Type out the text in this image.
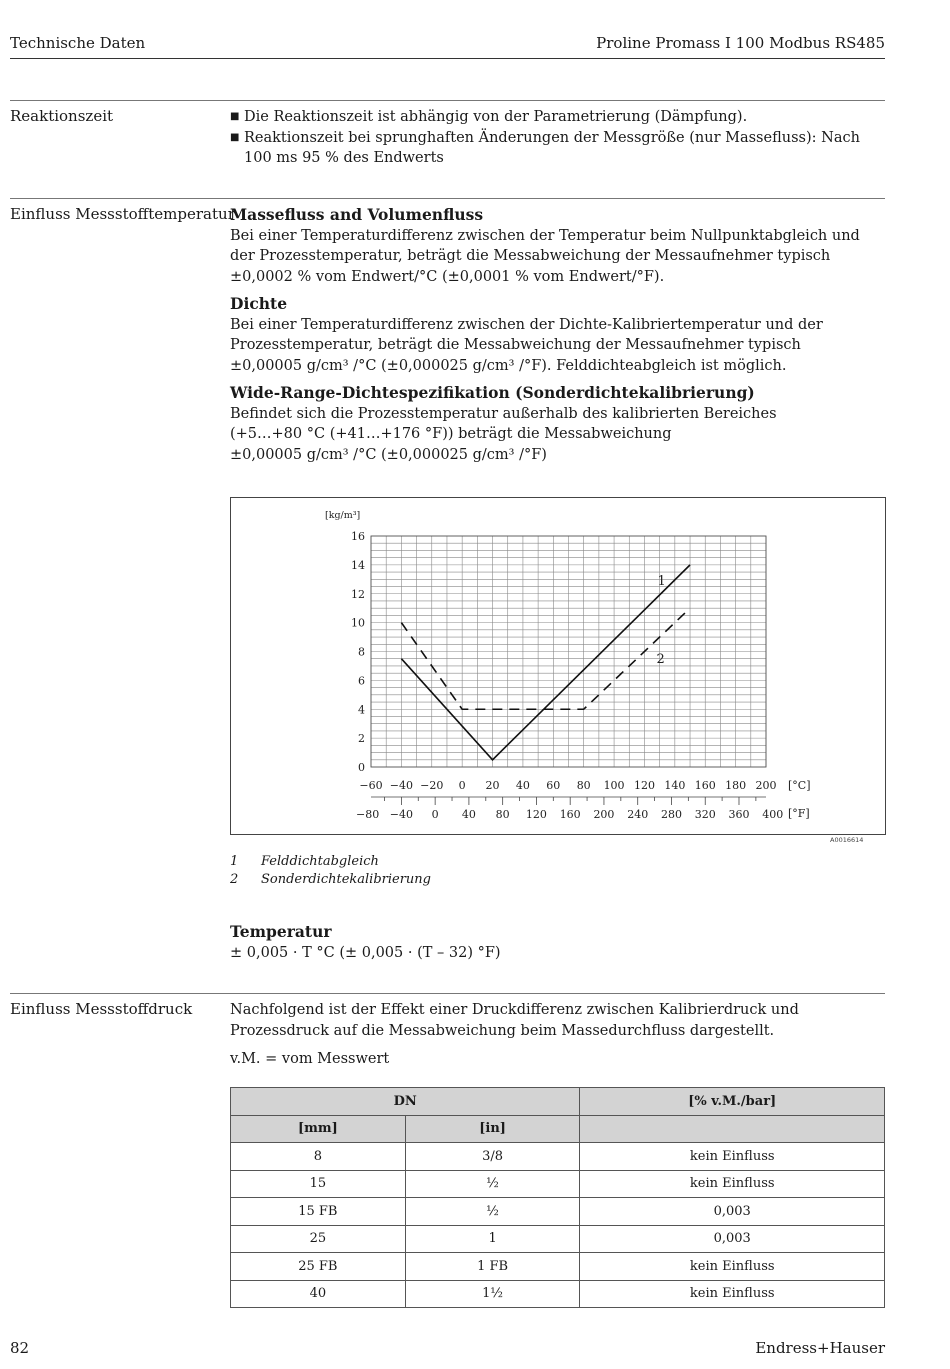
Technische Daten	Proline Promass I 100 Modbus RS485
Reaktionszeit	■ Die Reaktionszeit ist abhängig von der Parametrierung (Dämpfung).
■ Reaktionszeit bei sprunghaften Änderungen der Messgröße (nur Massefluss): Nach 100 ms 95 % des Endwerts
Einfluss Messstofftemperatur
Massefluss and Volumenfluss

Bei einer Temperaturdifferenz zwischen der Temperatur beim Nullpunktabgleich und der Prozesstemperatur, beträgt die Messabweichung der Messaufnehmer typisch ±0,0002 % vom Endwert/°C (±0,0001 % vom Endwert/°F).

Dichte

Bei einer Temperaturdifferenz zwischen der Dichte-Kalibriertemperatur und der Prozesstemperatur, beträgt die Messabweichung der Messaufnehmer typisch

±0,00005 g/cm³ /°C (±0,000025 g/cm³ /°F). Felddichteabgleich ist möglich.

Wide-Range-Dichtespezifikation (Sonderdichtekalibrierung)

Befindet sich die Prozesstemperatur außerhalb des kalibrierten Bereiches

(+5…+80 °C (+41…+176 °F)) beträgt die Messabweichung

±0,00005 g/cm³ /°C (±0,000025 g/cm³ /°F)

0
2
4
6
8
10
12
14
16
[kg/m³]
−60 −40 −20 0 20 40 60 80 100 120 140 160 180 200 [°C]
−80 −40 0 40 80 120 160 200 240 280 320 360 400 [°F]
1
2
A0016614
1 Felddichtabgleich
2 Sonderdichtekalibrierung
Temperatur

± 0,005 · T °C (± 0,005 · (T – 32) °F)

Einfluss Messstoffdruck	Nachfolgend ist der Effekt einer Druckdifferenz zwischen Kalibrierdruck und Prozessdruck auf die Messabweichung beim Massedurchfluss dargestellt.

v.M. = vom Messwert

DN		[% v.M./bar]
[mm]	[in]	
8	3/8	kein Einfluss
15	½	kein Einfluss
15 FB	½	0,003
25	1	0,003
25 FB	1 FB	kein Einfluss
40	1½	kein Einfluss
82	Endress+Hauser
